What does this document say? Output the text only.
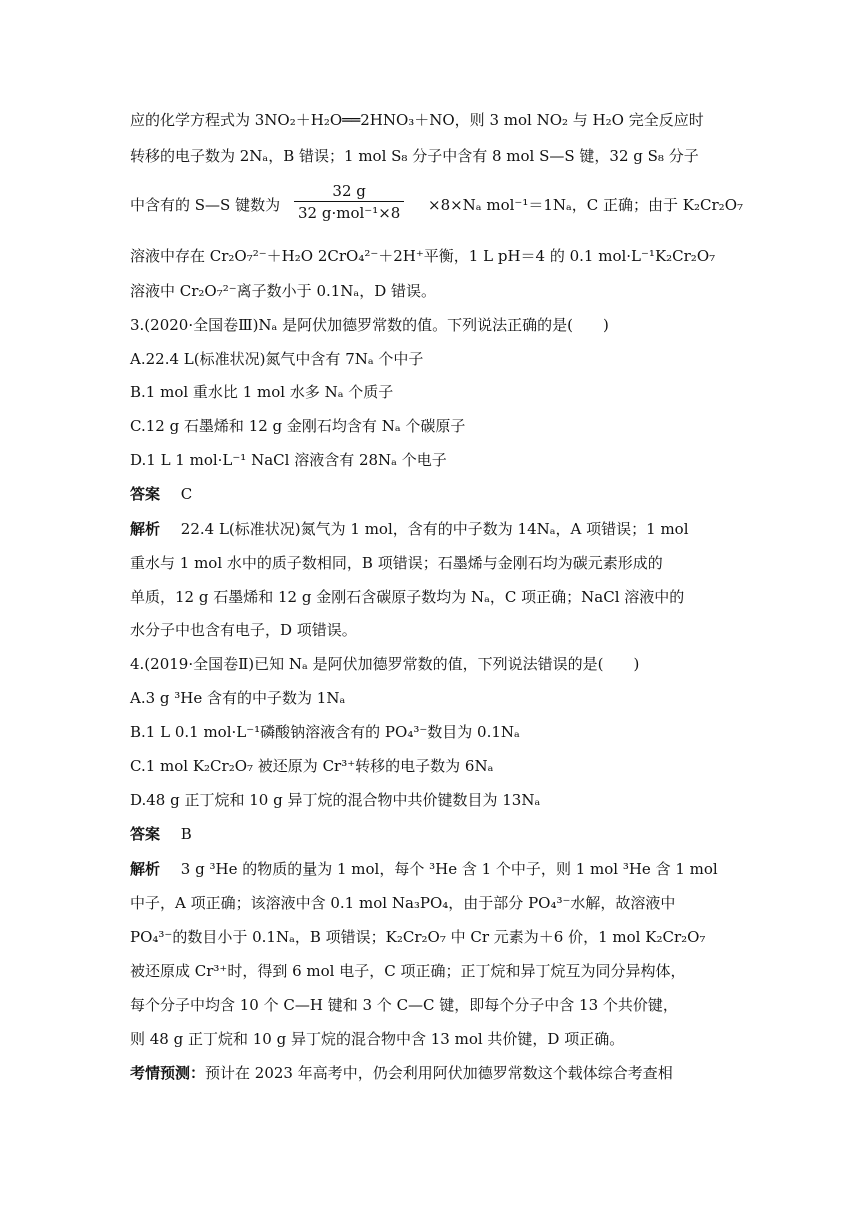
应的化学方程式为 3NO₂＋H₂O══2HNO₃＋NO，则 3 mol NO₂ 与 H₂O 完全反应时
转移的电子数为 2Nₐ，B 错误；1 mol S₈ 分子中含有 8 mol S—S 键，32 g S₈ 分子
中含有的 S—S 键数为
32 g
32 g·mol⁻¹×8 ×8×Nₐ mol⁻¹＝1Nₐ，C 正确；由于 K₂Cr₂O₇
溶液中存在 Cr₂O₇²⁻＋H₂O 2CrO₄²⁻＋2H⁺平衡，1 L pH＝4 的 0.1 mol·L⁻¹K₂Cr₂O₇
溶液中 Cr₂O₇²⁻离子数小于 0.1Nₐ，D 错误。
3.(2020·全国卷Ⅲ)Nₐ 是阿伏加德罗常数的值。下列说法正确的是(　　)
A.22.4 L(标准状况)氮气中含有 7Nₐ 个中子
B.1 mol 重水比 1 mol 水多 Nₐ 个质子
C.12 g 石墨烯和 12 g 金刚石均含有 Nₐ 个碳原子
D.1 L 1 mol·L⁻¹ NaCl 溶液含有 28Nₐ 个电子
答案 C
解析 22.4 L(标准状况)氮气为 1 mol，含有的中子数为 14Nₐ，A 项错误；1 mol
重水与 1 mol 水中的质子数相同，B 项错误；石墨烯与金刚石均为碳元素形成的
单质，12 g 石墨烯和 12 g 金刚石含碳原子数均为 Nₐ，C 项正确；NaCl 溶液中的
水分子中也含有电子，D 项错误。
4.(2019·全国卷Ⅱ)已知 Nₐ 是阿伏加德罗常数的值，下列说法错误的是(　　)
A.3 g ³He 含有的中子数为 1Nₐ
B.1 L 0.1 mol·L⁻¹磷酸钠溶液含有的 PO₄³⁻数目为 0.1Nₐ
C.1 mol K₂Cr₂O₇ 被还原为 Cr³⁺转移的电子数为 6Nₐ
D.48 g 正丁烷和 10 g 异丁烷的混合物中共价键数目为 13Nₐ
答案 B
解析 3 g ³He 的物质的量为 1 mol，每个 ³He 含 1 个中子，则 1 mol ³He 含 1 mol
中子，A 项正确；该溶液中含 0.1 mol Na₃PO₄，由于部分 PO₄³⁻水解，故溶液中
PO₄³⁻的数目小于 0.1Nₐ，B 项错误；K₂Cr₂O₇ 中 Cr 元素为＋6 价，1 mol K₂Cr₂O₇
被还原成 Cr³⁺时，得到 6 mol 电子，C 项正确；正丁烷和异丁烷互为同分异构体，
每个分子中均含 10 个 C—H 键和 3 个 C—C 键，即每个分子中含 13 个共价键，
则 48 g 正丁烷和 10 g 异丁烷的混合物中含 13 mol 共价键，D 项正确。
考情预测：预计在 2023 年高考中，仍会利用阿伏加德罗常数这个载体综合考查相
